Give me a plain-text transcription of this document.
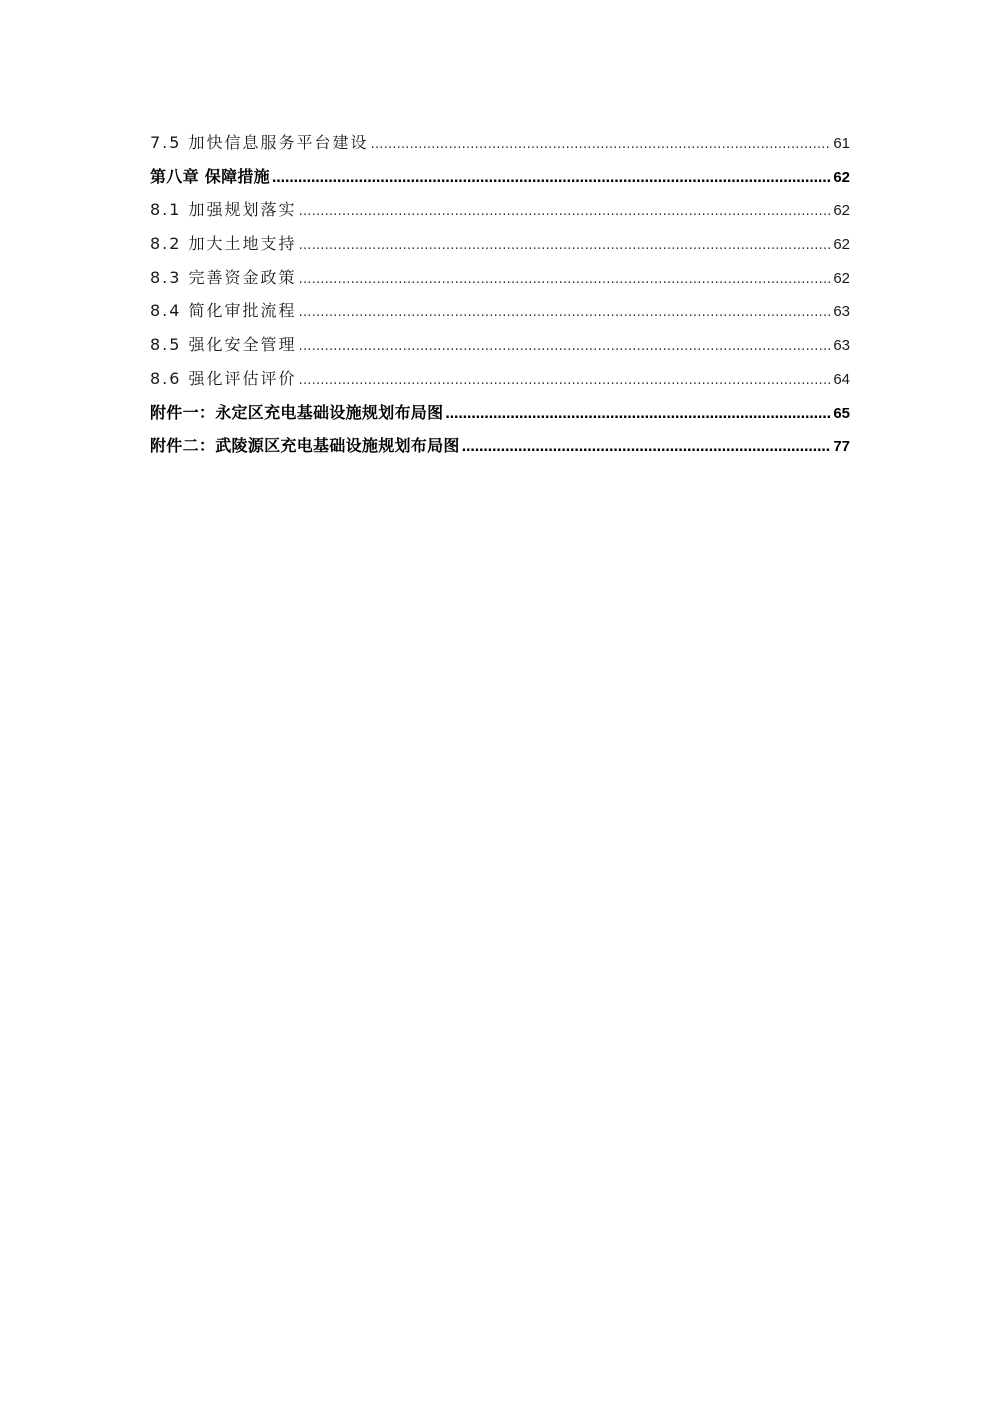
7.5 加快信息服务平台建设 …………………………………………………………………………………………………………………………………………………………………………………………………………………………	61
第八章 保障措施 …………………………………………………………………………………………………………………………………………………………………………………………………………………………	62
8.1 加强规划落实 …………………………………………………………………………………………………………………………………………………………………………………………………………………………	62
8.2 加大土地支持 …………………………………………………………………………………………………………………………………………………………………………………………………………………………	62
8.3 完善资金政策 …………………………………………………………………………………………………………………………………………………………………………………………………………………………	62
8.4 简化审批流程 …………………………………………………………………………………………………………………………………………………………………………………………………………………………	63
8.5 强化安全管理 …………………………………………………………………………………………………………………………………………………………………………………………………………………………	63
8.6 强化评估评价 …………………………………………………………………………………………………………………………………………………………………………………………………………………………	64
附件一：永定区充电基础设施规划布局图 …………………………………………………………………………………………………………………………………………………………………………………………………………………………	65
附件二：武陵源区充电基础设施规划布局图 …………………………………………………………………………………………………………………………………………………………………………………………………………………………	77
